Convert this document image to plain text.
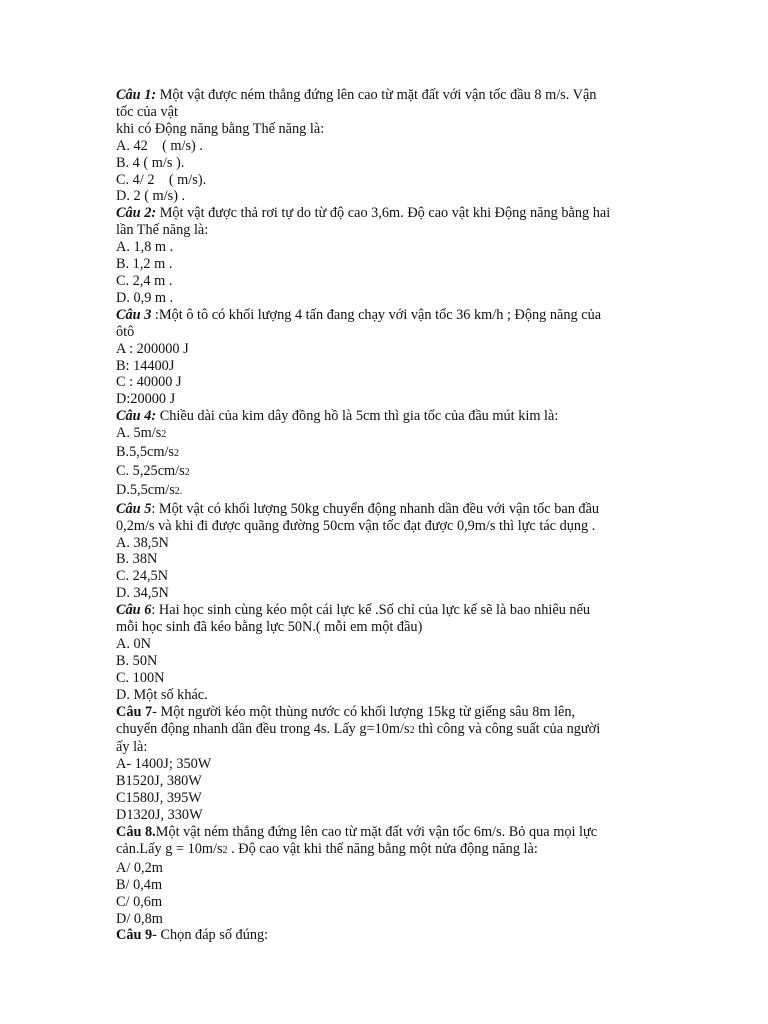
Câu 1: Một vật được ném thẳng đứng lên cao từ mặt đất với vận tốc đầu 8 m/s. Vận
tốc của vật
khi có Động năng bằng Thế năng là:
A. 42    ( m/s) .
B. 4 ( m/s ).
C. 4/ 2    ( m/s).
D. 2 ( m/s) .
Câu 2: Một vật được thả rơi tự do từ độ cao 3,6m. Độ cao vật khi Động năng bằng hai
lần Thế năng là:
A. 1,8 m .
B. 1,2 m .
C. 2,4 m .
D. 0,9 m .
Câu 3 :Một ô tô có khối lượng 4 tấn đang chạy với vận tốc 36 km/h ; Động năng của
ôtô
A : 200000 J
B: 14400J
C : 40000 J
D:20000 J
Câu 4: Chiều dài của kim dây đồng hồ là 5cm thì gia tốc của đầu mút kim là:
A. 5m/s2
B.5,5cm/s2
C. 5,25cm/s2
D.5,5cm/s2.
Câu 5: Một vật có khối lượng 50kg chuyển động nhanh dần đều với vận tốc ban đầu
0,2m/s và khi đi được quãng đường 50cm vận tốc đạt được 0,9m/s thì lực tác dụng .
A. 38,5N
B. 38N
C. 24,5N
D. 34,5N
Câu 6: Hai học sinh cùng kéo một cái lực kế .Số chỉ của lực kế sẽ là bao nhiêu nếu
mỗi học sinh đã kéo bằng lực 50N.( mỗi em một đầu)
A. 0N
B. 50N
C. 100N
D. Một số khác.
Câu 7- Một người kéo một thùng nước có khối lượng 15kg từ giếng sâu 8m lên,
chuyển động nhanh dần đều trong 4s. Lấy g=10m/s2 thì công và công suất của người
ấy là:
A- 1400J; 350W
B1520J, 380W
C1580J, 395W
D1320J, 330W
Câu 8.Một vật ném thẳng đứng lên cao từ mặt đất với vận tốc 6m/s. Bỏ qua mọi lực
cản.Lấy g = 10m/s2 . Độ cao vật khi thế năng bằng một nửa động năng là:
A/ 0,2m
B/ 0,4m
C/ 0,6m
D/ 0,8m
Câu 9- Chọn đáp số đúng:
